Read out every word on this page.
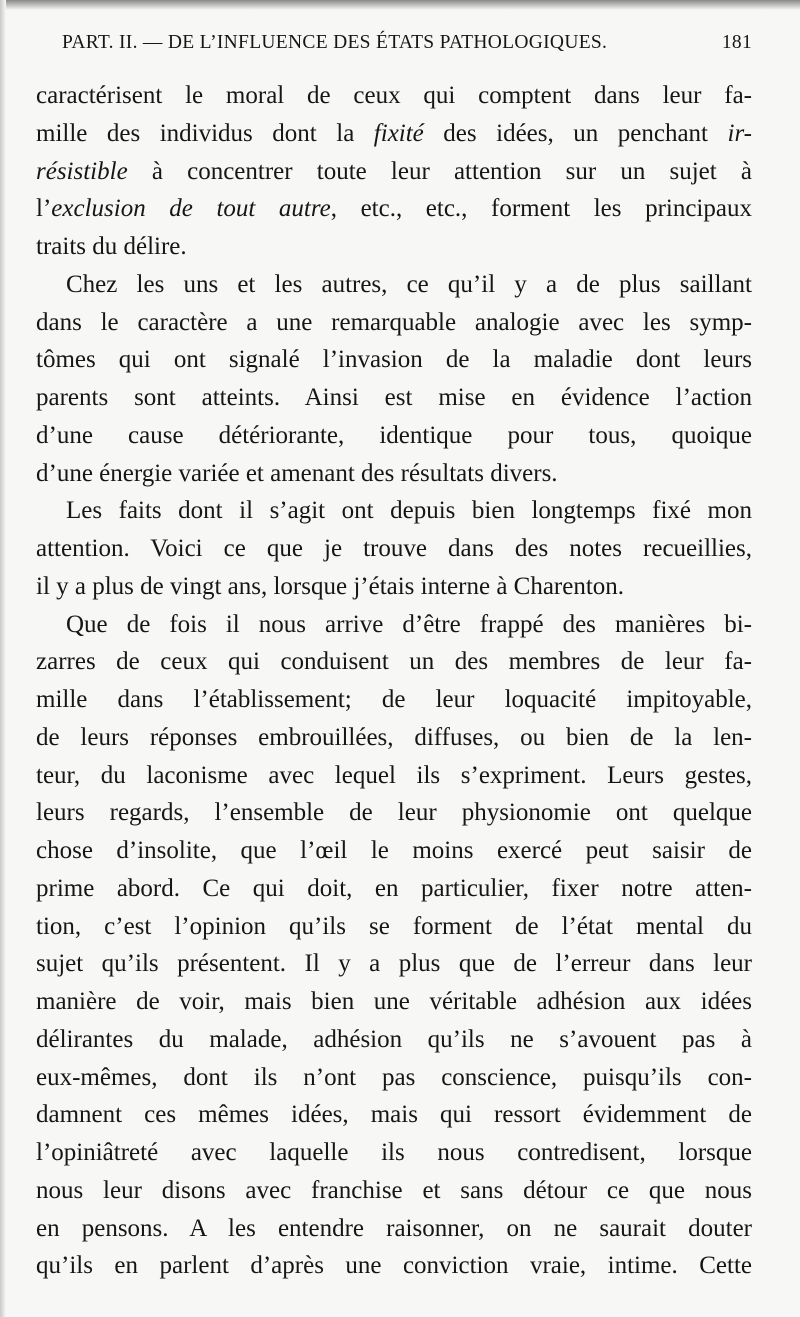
PART. II. — DE L’INFLUENCE DES ÉTATS PATHOLOGIQUES.	181
caractérisent le moral de ceux qui comptent dans leur fa-
mille des individus dont la fixité des idées, un penchant ir-
résistible à concentrer toute leur attention sur un sujet à
l’exclusion de tout autre, etc., etc., forment les principaux
traits du délire.
Chez les uns et les autres, ce qu’il y a de plus saillant
dans le caractère a une remarquable analogie avec les symp-
tômes qui ont signalé l’invasion de la maladie dont leurs
parents sont atteints. Ainsi est mise en évidence l’action
d’une cause détériorante, identique pour tous, quoique
d’une énergie variée et amenant des résultats divers.
Les faits dont il s’agit ont depuis bien longtemps fixé mon
attention. Voici ce que je trouve dans des notes recueillies,
il y a plus de vingt ans, lorsque j’étais interne à Charenton.
Que de fois il nous arrive d’être frappé des manières bi-
zarres de ceux qui conduisent un des membres de leur fa-
mille dans l’établissement; de leur loquacité impitoyable,
de leurs réponses embrouillées, diffuses, ou bien de la len-
teur, du laconisme avec lequel ils s’expriment. Leurs gestes,
leurs regards, l’ensemble de leur physionomie ont quelque
chose d’insolite, que l’œil le moins exercé peut saisir de
prime abord. Ce qui doit, en particulier, fixer notre atten-
tion, c’est l’opinion qu’ils se forment de l’état mental du
sujet qu’ils présentent. Il y a plus que de l’erreur dans leur
manière de voir, mais bien une véritable adhésion aux idées
délirantes du malade, adhésion qu’ils ne s’avouent pas à
eux-mêmes, dont ils n’ont pas conscience, puisqu’ils con-
damnent ces mêmes idées, mais qui ressort évidemment de
l’opiniâtreté avec laquelle ils nous contredisent, lorsque
nous leur disons avec franchise et sans détour ce que nous
en pensons. A les entendre raisonner, on ne saurait douter
qu’ils en parlent d’après une conviction vraie, intime. Cette
